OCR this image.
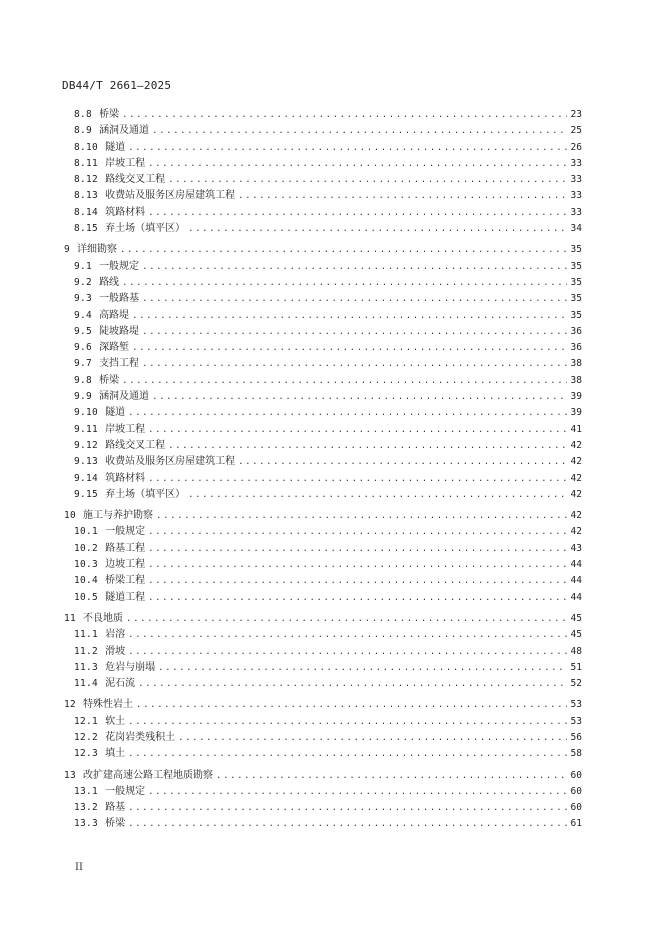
DB44/T 2661—2025
8.8 桥梁 .....	23
8.9 涵洞及通道 .....	25
8.10 隧道 .....	26
8.11 岸坡工程 .....	33
8.12 路线交叉工程 .....	33
8.13 收费站及服务区房屋建筑工程 .....	33
8.14 筑路材料 .....	33
8.15 弃土场（填平区） .....	34
9 详细勘察 .....	35
9.1 一般规定 .....	35
9.2 路线 .....	35
9.3 一般路基 .....	35
9.4 高路堤 .....	35
9.5 陡坡路堤 .....	36
9.6 深路堑 .....	36
9.7 支挡工程 .....	38
9.8 桥梁 .....	38
9.9 涵洞及通道 .....	39
9.10 隧道 .....	39
9.11 岸坡工程 .....	41
9.12 路线交叉工程 .....	42
9.13 收费站及服务区房屋建筑工程 .....	42
9.14 筑路材料 .....	42
9.15 弃土场（填平区） .....	42
10 施工与养护勘察 .....	42
10.1 一般规定 .....	42
10.2 路基工程 .....	43
10.3 边坡工程 .....	44
10.4 桥梁工程 .....	44
10.5 隧道工程 .....	44
11 不良地质 .....	45
11.1 岩溶 .....	45
11.2 滑坡 .....	48
11.3 危岩与崩塌 .....	51
11.4 泥石流 .....	52
12 特殊性岩土 .....	53
12.1 软土 .....	53
12.2 花岗岩类残积土 .....	56
12.3 填土 .....	58
13 改扩建高速公路工程地质勘察 .....	60
13.1 一般规定 .....	60
13.2 路基 .....	60
13.3 桥梁 .....	61
II
